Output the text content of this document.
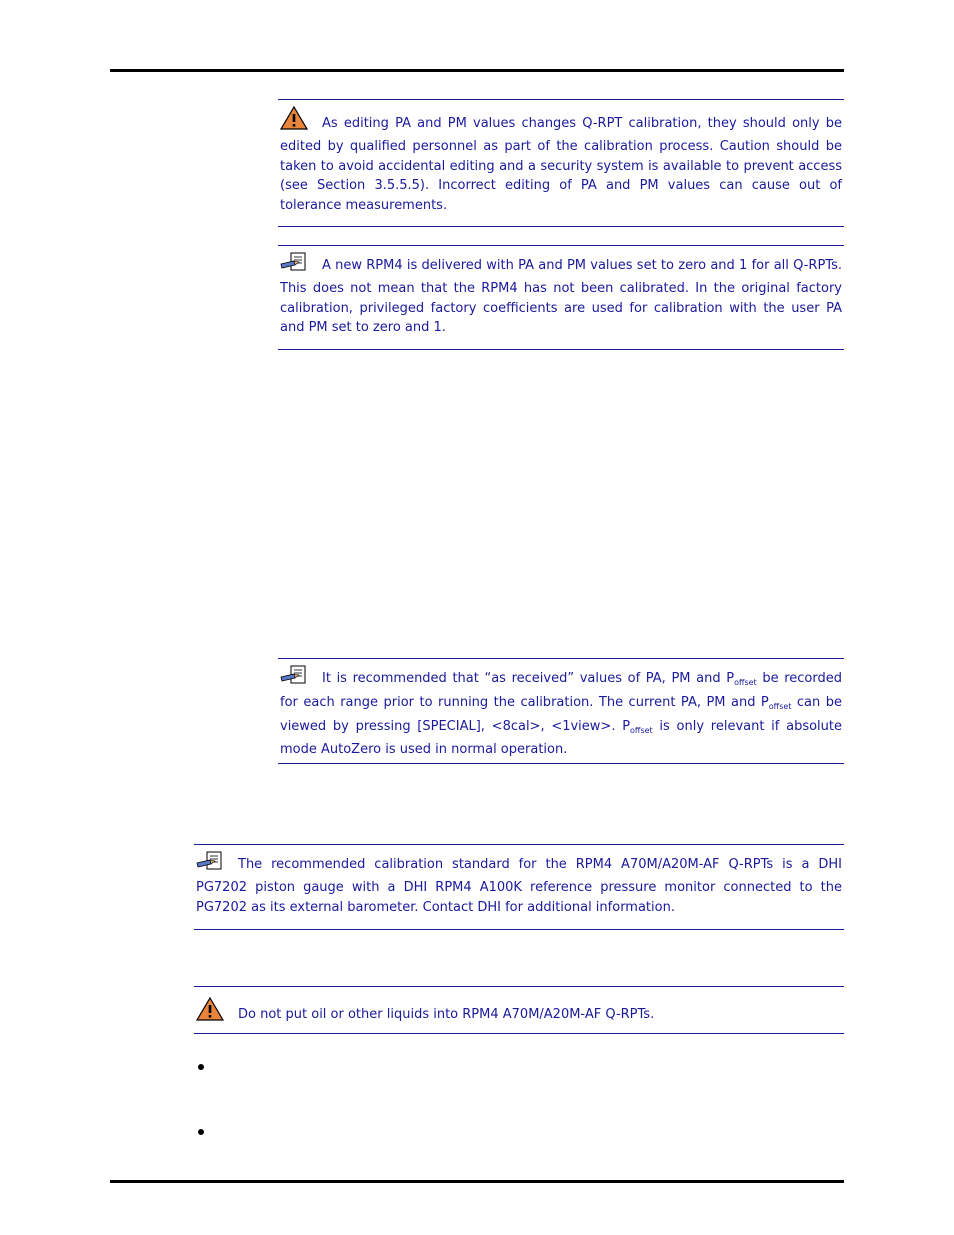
As editing PA and PM values changes Q-RPT calibration, they should only be edited by qualified personnel as part of the calibration process. Caution should be taken to avoid accidental editing and a security system is available to prevent access (see Section 3.5.5.5). Incorrect editing of PA and PM values can cause out of tolerance measurements.

A new RPM4 is delivered with PA and PM values set to zero and 1 for all Q-RPTs. This does not mean that the RPM4 has not been calibrated. In the original factory calibration, privileged factory coefficients are used for calibration with the user PA and PM set to zero and 1.

It is recommended that “as received” values of PA, PM and $P_{offset}$ be recorded for each range prior to running the calibration. The current PA, PM and $P_{offset}$ can be viewed by pressing [SPECIAL], <8cal>, <1view>. $P_{offset}$ is only relevant if absolute mode AutoZero is used in normal operation.

The recommended calibration standard for the RPM4 A70M/A20M-AF Q-RPTs is a DHI PG7202 piston gauge with a DHI RPM4 A100K reference pressure monitor connected to the PG7202 as its external barometer. Contact DHI for additional information.

Do not put oil or other liquids into RPM4 A70M/A20M-AF Q-RPTs.
